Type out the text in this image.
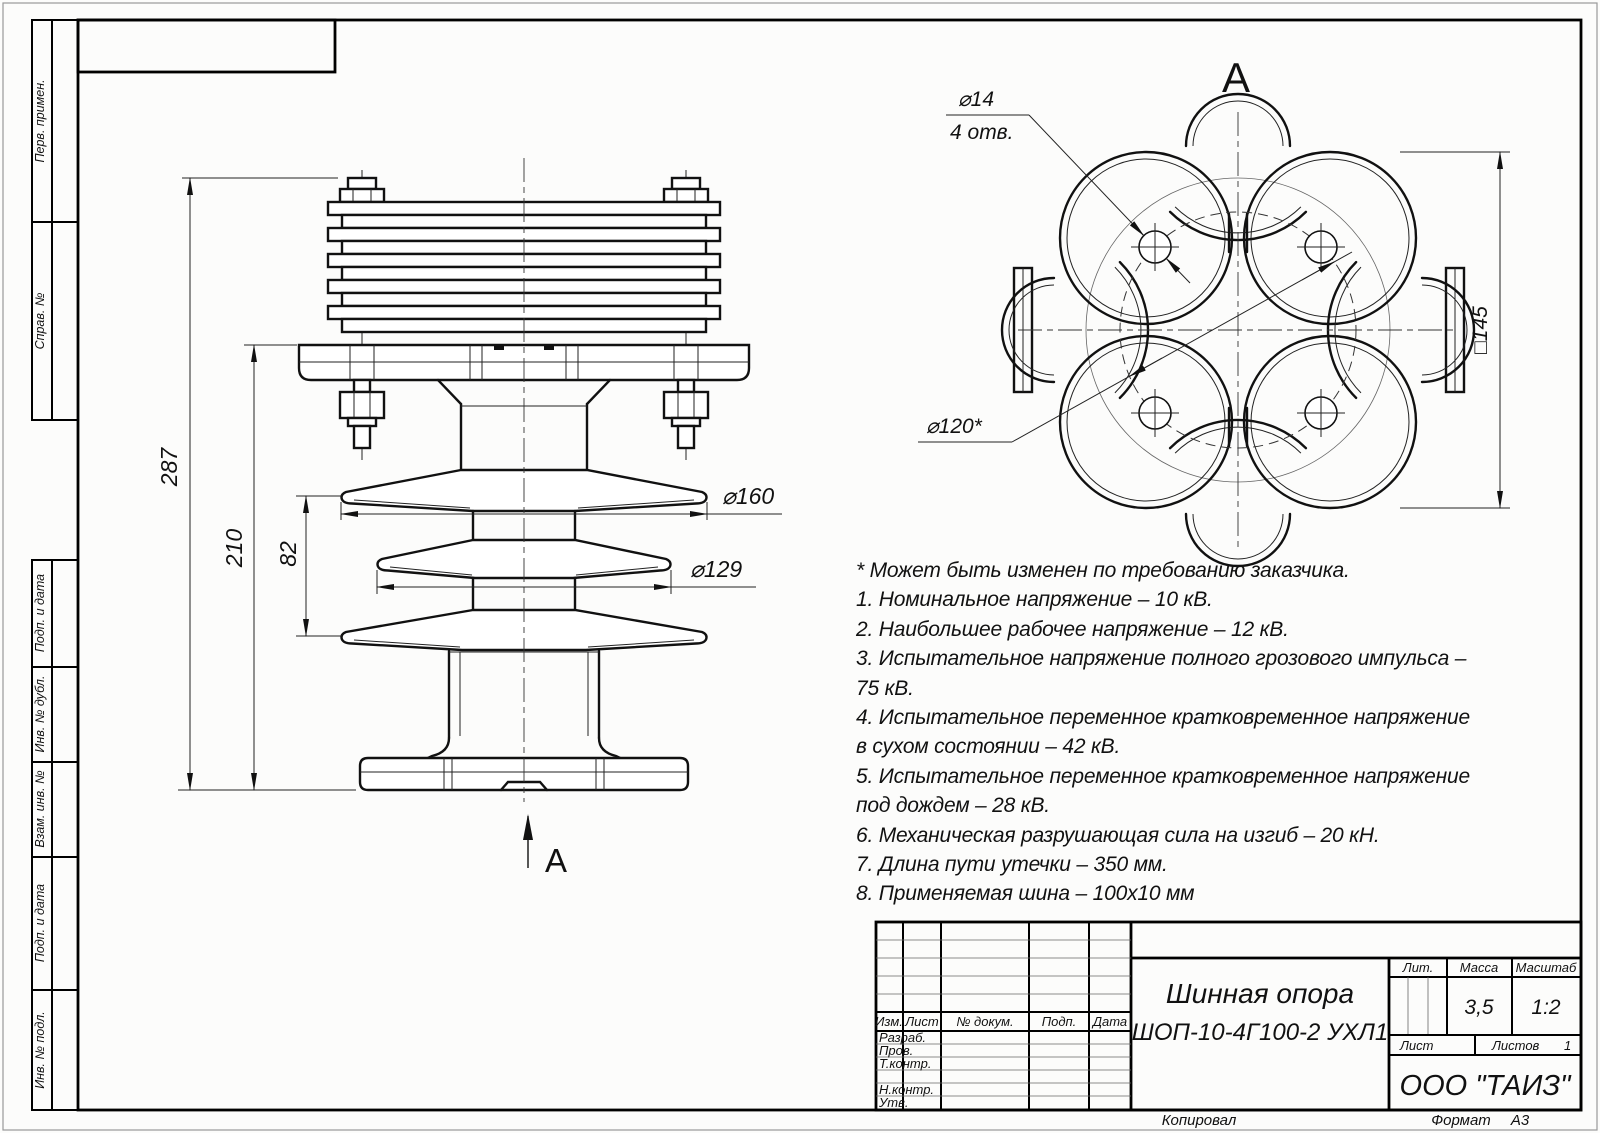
* Может быть изменен по требованию заказчика.
1. Номинальное напряжение – 10 кВ.
2. Наибольшее рабочее напряжение – 12 кВ.
3. Испытательное напряжение полного грозового импульса –
75 кВ.
4. Испытательное переменное кратковременное напряжение
в сухом состоянии – 42 кВ.
5. Испытательное переменное кратковременное напряжение
под дождем – 28 кВ.
6. Механическая разрушающая сила на изгиб – 20 кН.
7. Длина пути утечки – 350 мм.
8. Применяемая шина – 100x10 мм
Перв. примен.
Справ. №
Подп. и дата
Инв. № дубл.
Взам. инв. №
Подп. и дата
Инв. № подл.
287
210 82
⌀160
⌀129
А
А
⌀14
4 отв.
⌀120*
□145
Изм. Лист № докум. Подп. Дата
Разраб.
Пров.
Т.контр.
Н.контр.
Утв.
Шинная опора
ШОП-10-4Г100-2 УХЛ1
Лит. Масса Масштаб
3,5 1:2
Лист	Листов 1
ООО "ТАИЗ"
Копировал	Формат А3
